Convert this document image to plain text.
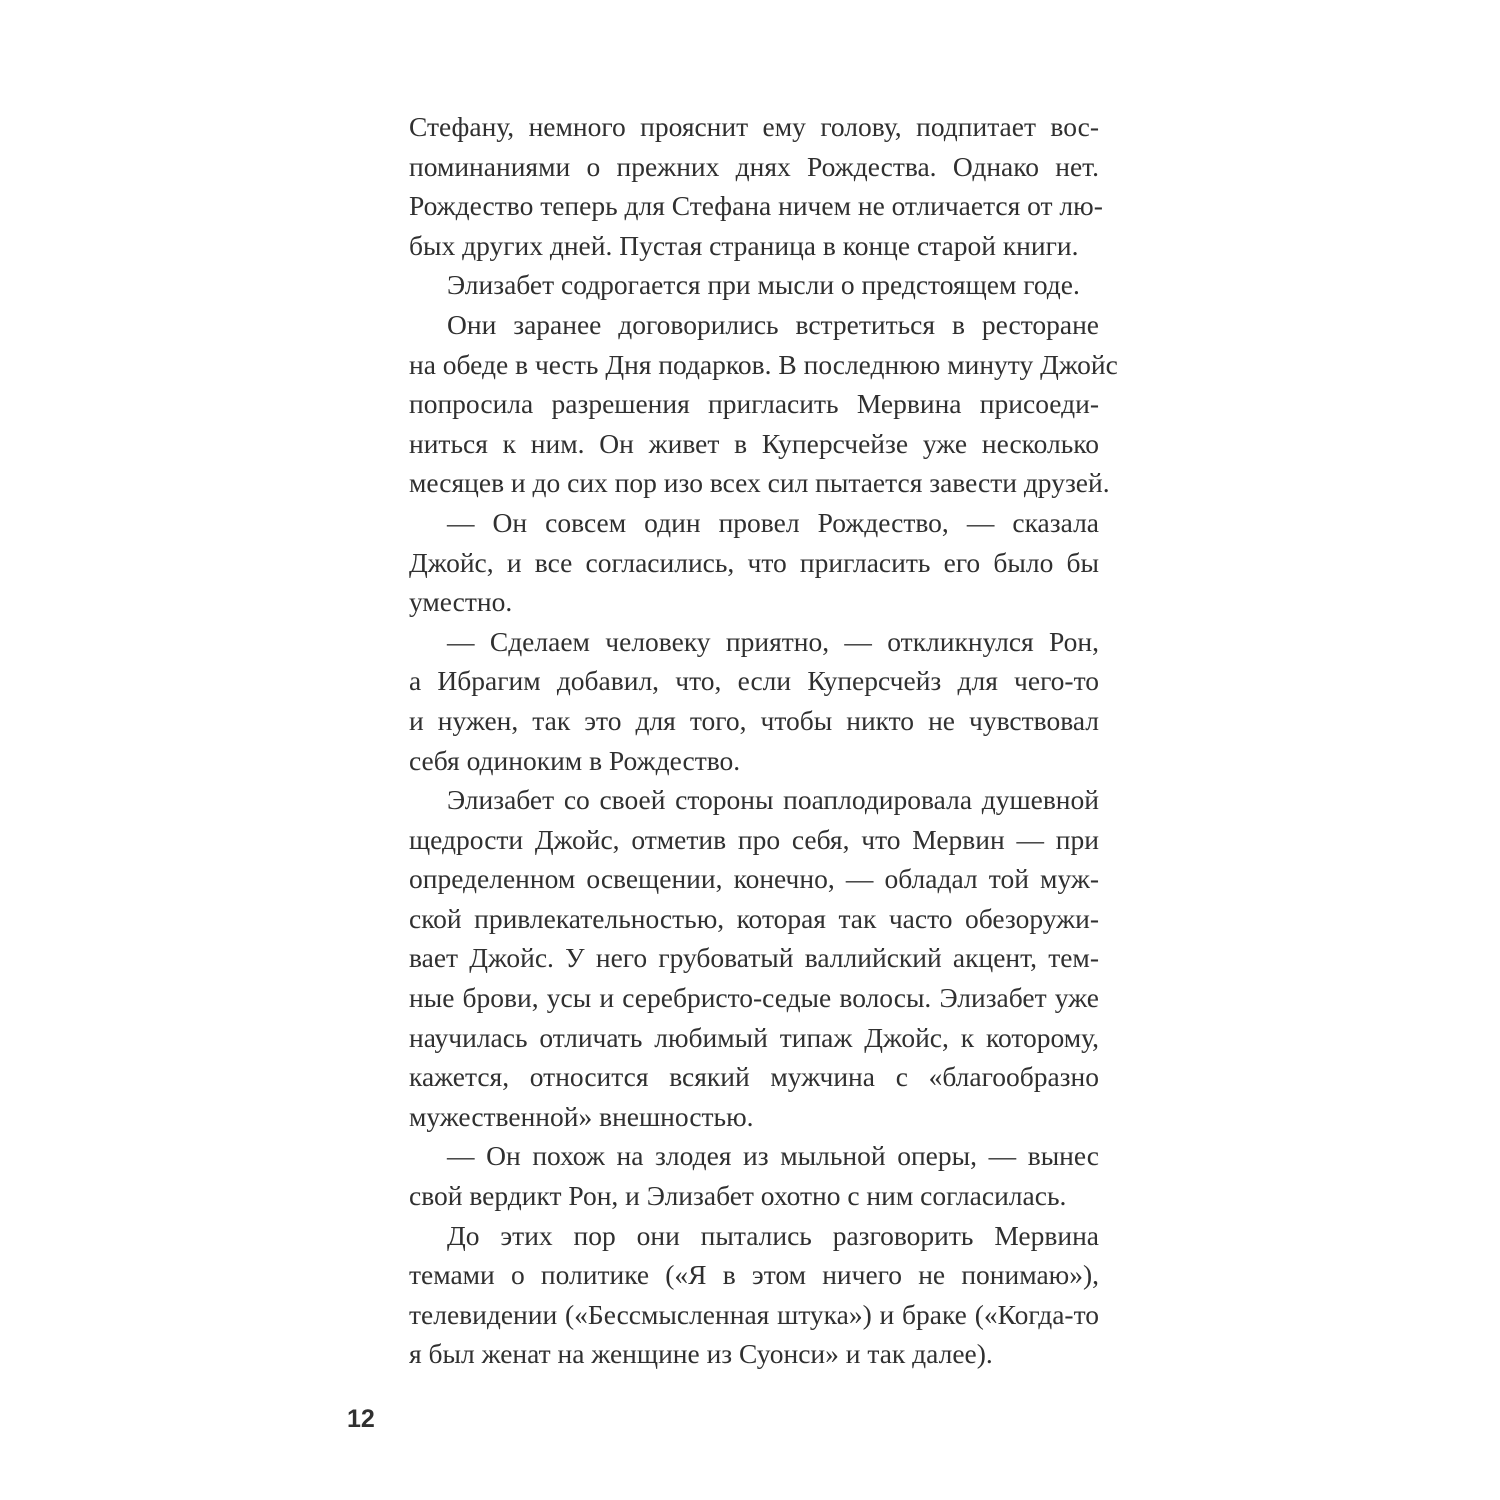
Стефану, немного прояснит ему голову, подпитает вос-
поминаниями о прежних днях Рождества. Однако нет.
Рождество теперь для Стефана ничем не отличается от лю-
бых других дней. Пустая страница в конце старой книги.
Элизабет содрогается при мысли о предстоящем годе.
Они заранее договорились встретиться в ресторане
на обеде в честь Дня подарков. В последнюю минуту Джойс
попросила разрешения пригласить Мервина присоеди-
ниться к ним. Он живет в Куперсчейзе уже несколько
месяцев и до сих пор изо всех сил пытается завести друзей.
— Он совсем один провел Рождество, — сказала
Джойс, и все согласились, что пригласить его было бы
уместно.
— Сделаем человеку приятно, — откликнулся Рон,
а Ибрагим добавил, что, если Куперсчейз для чего-то
и нужен, так это для того, чтобы никто не чувствовал
себя одиноким в Рождество.
Элизабет со своей стороны поаплодировала душевной
щедрости Джойс, отметив про себя, что Мервин — при
определенном освещении, конечно, — обладал той муж-
ской привлекательностью, которая так часто обезоружи-
вает Джойс. У него грубоватый валлийский акцент, тем-
ные брови, усы и серебристо-седые волосы. Элизабет уже
научилась отличать любимый типаж Джойс, к которому,
кажется, относится всякий мужчина с «благообразно
мужественной» внешностью.
— Он похож на злодея из мыльной оперы, — вынес
свой вердикт Рон, и Элизабет охотно с ним согласилась.
До этих пор они пытались разговорить Мервина
темами о политике («Я в этом ничего не понимаю»),
телевидении («Бессмысленная штука») и браке («Когда-то
я был женат на женщине из Суонси» и так далее).
12
